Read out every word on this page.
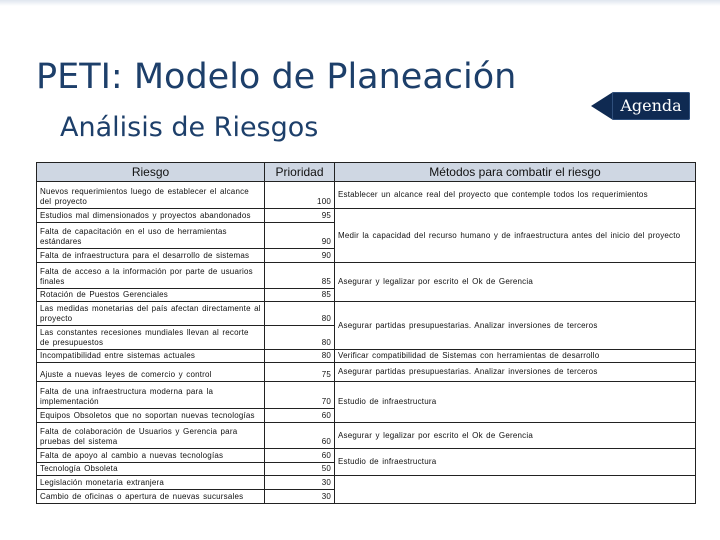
PETI: Modelo de Planeación
Análisis de Riesgos
Agenda
Riesgo	Prioridad	Métodos para combatir el riesgo
Nuevos requerimientos luego de establecer el alcance del proyecto	100	Establecer un alcance real del proyecto que contemple todos los requerimientos
Estudios mal dimensionados y proyectos abandonados	95	Medir la capacidad del recurso humano y de infraestructura antes del inicio del proyecto
Falta de capacitación en el uso de herramientas estándares	90	
Falta de infraestructura para el desarrollo de sistemas	90	
Falta de acceso a la información por parte de usuarios finales	85	Asegurar y legalizar por escrito el Ok de Gerencia
Rotación de Puestos Gerenciales	85	
Las medidas monetarias del país afectan directamente al proyecto	80	Asegurar partidas presupuestarias. Analizar inversiones de terceros
Las constantes recesiones mundiales llevan al recorte de presupuestos	80	
Incompatibilidad entre sistemas actuales	80	Verificar compatibilidad de Sistemas con herramientas de desarrollo
Ajuste a nuevas leyes de comercio y control	75	Asegurar partidas presupuestarias. Analizar inversiones de terceros
Falta de una infraestructura moderna para la implementación	70	Estudio de infraestructura
Equipos Obsoletos que no soportan nuevas tecnologías	60	
Falta de colaboración de Usuarios y Gerencia para pruebas del sistema	60	Asegurar y legalizar por escrito el Ok de Gerencia
Falta de apoyo al cambio a nuevas tecnologías	60	Estudio de infraestructura
Tecnología Obsoleta	50	
Legislación monetaria extranjera	30	
Cambio de oficinas o apertura de nuevas sucursales	30	
